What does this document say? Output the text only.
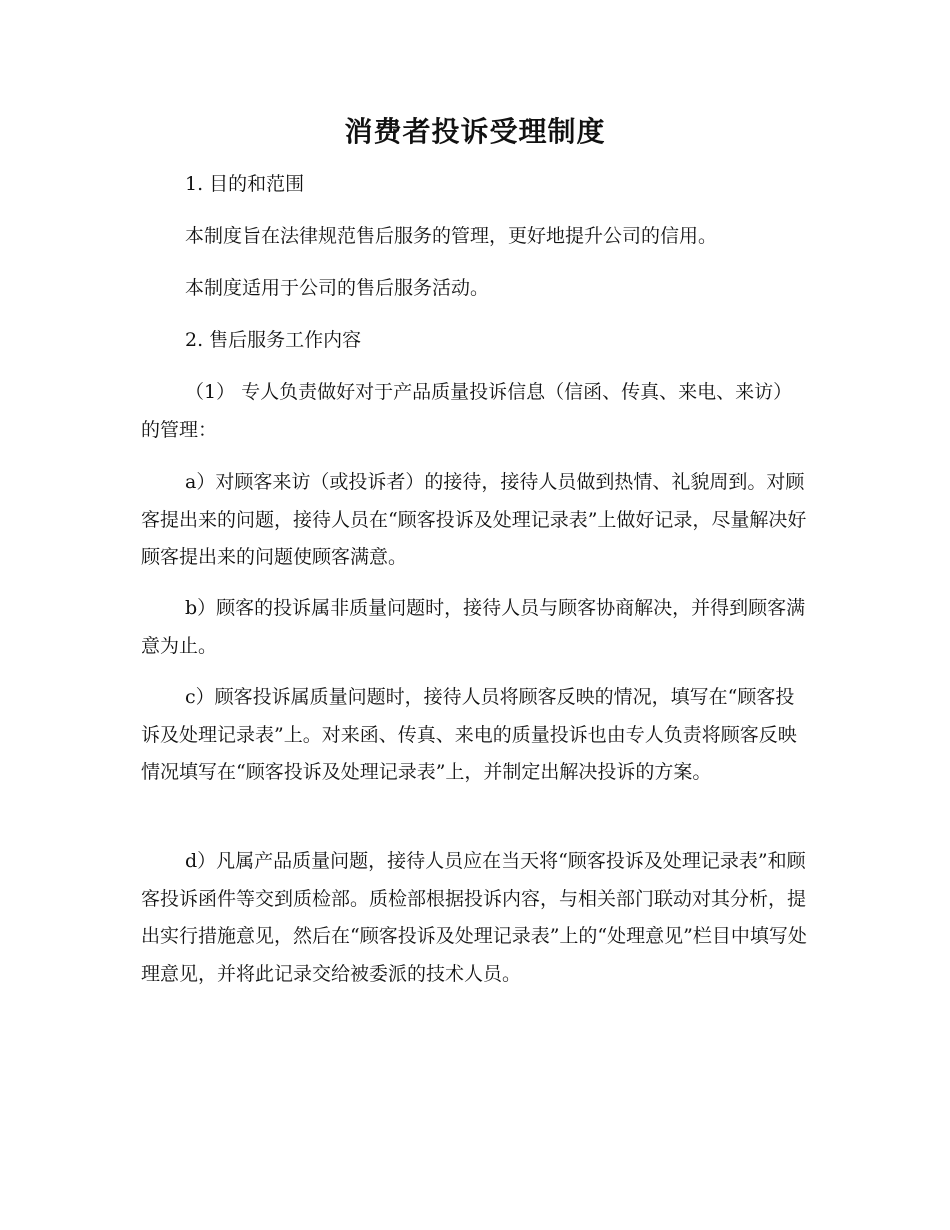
消费者投诉受理制度

1. 目的和范围

本制度旨在法律规范售后服务的管理，更好地提升公司的信用。

本制度适用于公司的售后服务活动。

2. 售后服务工作内容

（1） 专人负责做好对于产品质量投诉信息（信函、传真、来电、来访）的管理：

a）对顾客来访（或投诉者）的接待，接待人员做到热情、礼貌周到。对顾客提出来的问题，接待人员在“顾客投诉及处理记录表”上做好记录，尽量解决好顾客提出来的问题使顾客满意。

b）顾客的投诉属非质量问题时，接待人员与顾客协商解决，并得到顾客满意为止。

c）顾客投诉属质量问题时，接待人员将顾客反映的情况，填写在“顾客投诉及处理记录表”上。对来函、传真、来电的质量投诉也由专人负责将顾客反映情况填写在“顾客投诉及处理记录表”上，并制定出解决投诉的方案。

d）凡属产品质量问题，接待人员应在当天将“顾客投诉及处理记录表”和顾客投诉函件等交到质检部。质检部根据投诉内容，与相关部门联动对其分析，提出实行措施意见，然后在“顾客投诉及处理记录表”上的“处理意见”栏目中填写处理意见，并将此记录交给被委派的技术人员。
